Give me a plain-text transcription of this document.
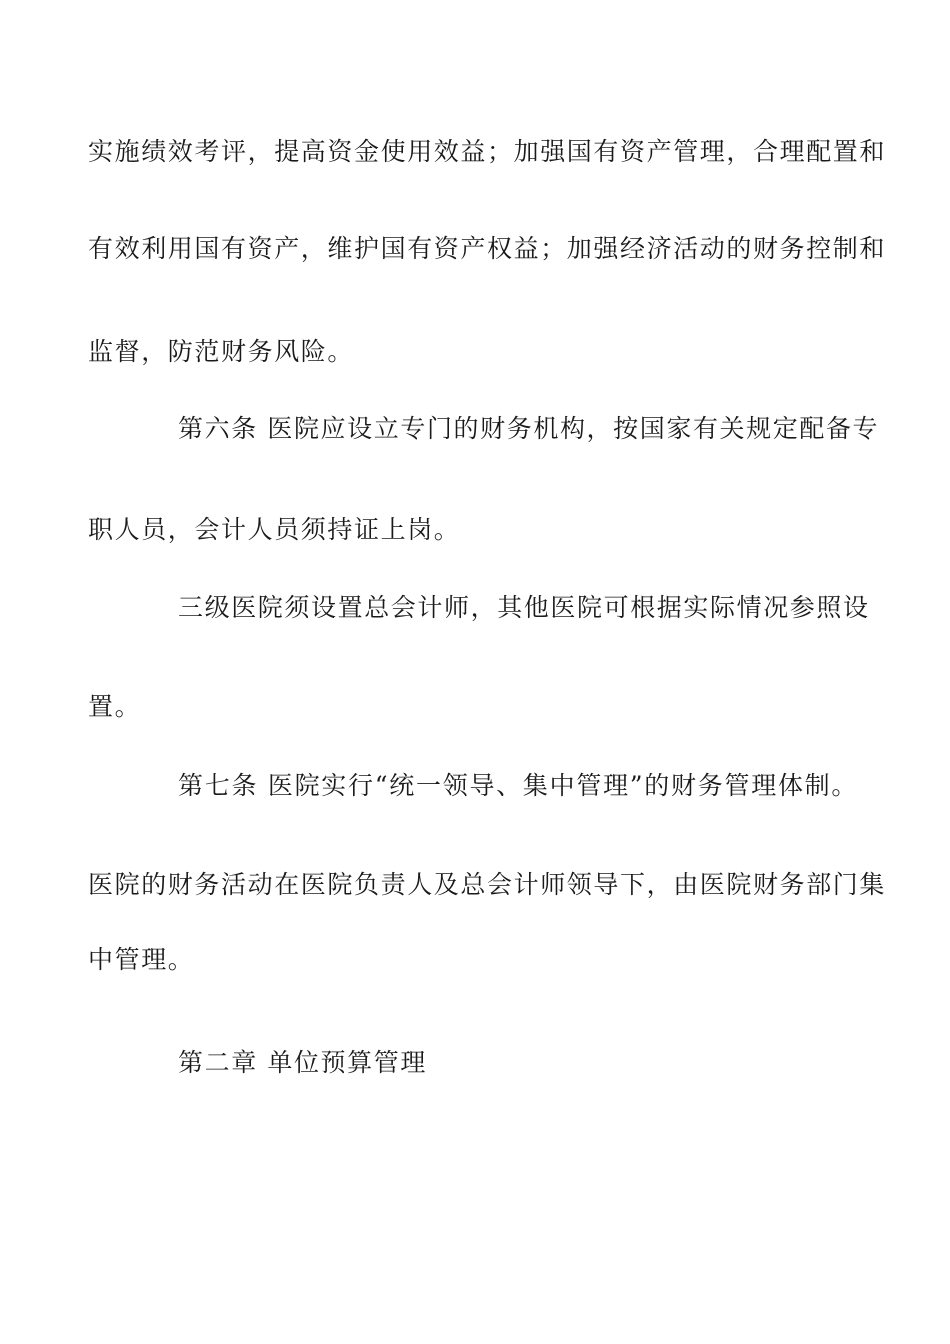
实施绩效考评，提高资金使用效益；加强国有资产管理，合理配置和
有效利用国有资产，维护国有资产权益；加强经济活动的财务控制和
监督，防范财务风险。
第六条 医院应设立专门的财务机构，按国家有关规定配备专
职人员，会计人员须持证上岗。
三级医院须设置总会计师，其他医院可根据实际情况参照设
置。
第七条 医院实行“统一领导、集中管理”的财务管理体制。
医院的财务活动在医院负责人及总会计师领导下，由医院财务部门集
中管理。
第二章 单位预算管理
